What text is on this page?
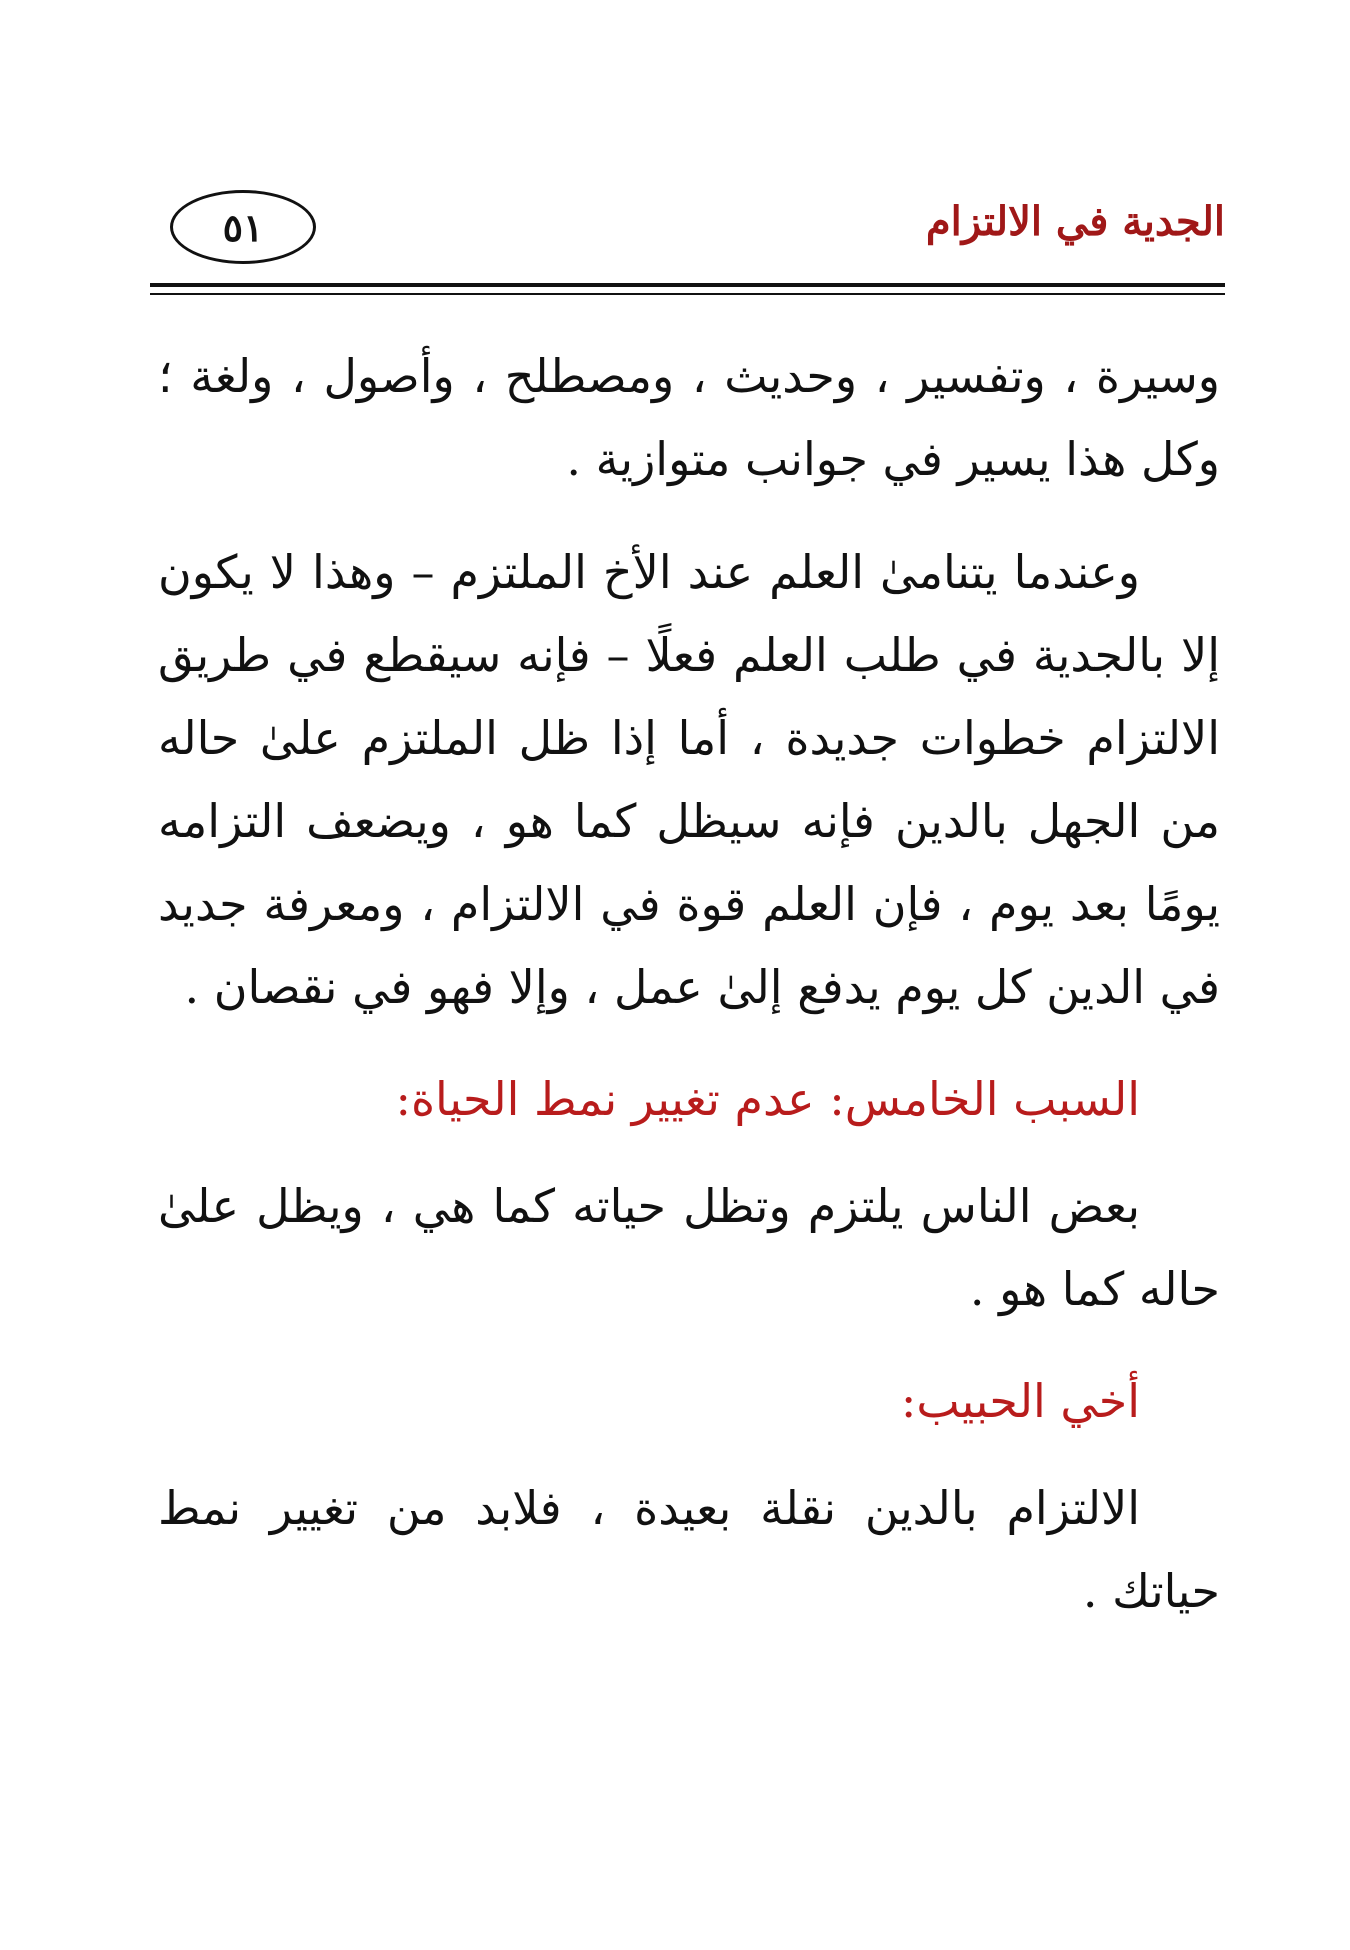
الجدية في الالتزام
٥١

وسيرة ، وتفسير ، وحديث ، ومصطلح ، وأصول ، ولغة ؛ وكل هذا يسير في جوانب متوازية .

وعندما يتنامىٰ العلم عند الأخ الملتزم – وهذا لا يكون إلا بالجدية في طلب العلم فعلًا – فإنه سيقطع في طريق الالتزام خطوات جديدة ، أما إذا ظل الملتزم علىٰ حاله من الجهل بالدين فإنه سيظل كما هو ، ويضعف التزامه يومًا بعد يوم ، فإن العلم قوة في الالتزام ، ومعرفة جديد في الدين كل يوم يدفع إلىٰ عمل ، وإلا فهو في نقصان .

السبب الخامس: عدم تغيير نمط الحياة:

بعض الناس يلتزم وتظل حياته كما هي ، ويظل علىٰ حاله كما هو .

أخي الحبيب:

الالتزام بالدين نقلة بعيدة ، فلابد من تغيير نمط حياتك .
